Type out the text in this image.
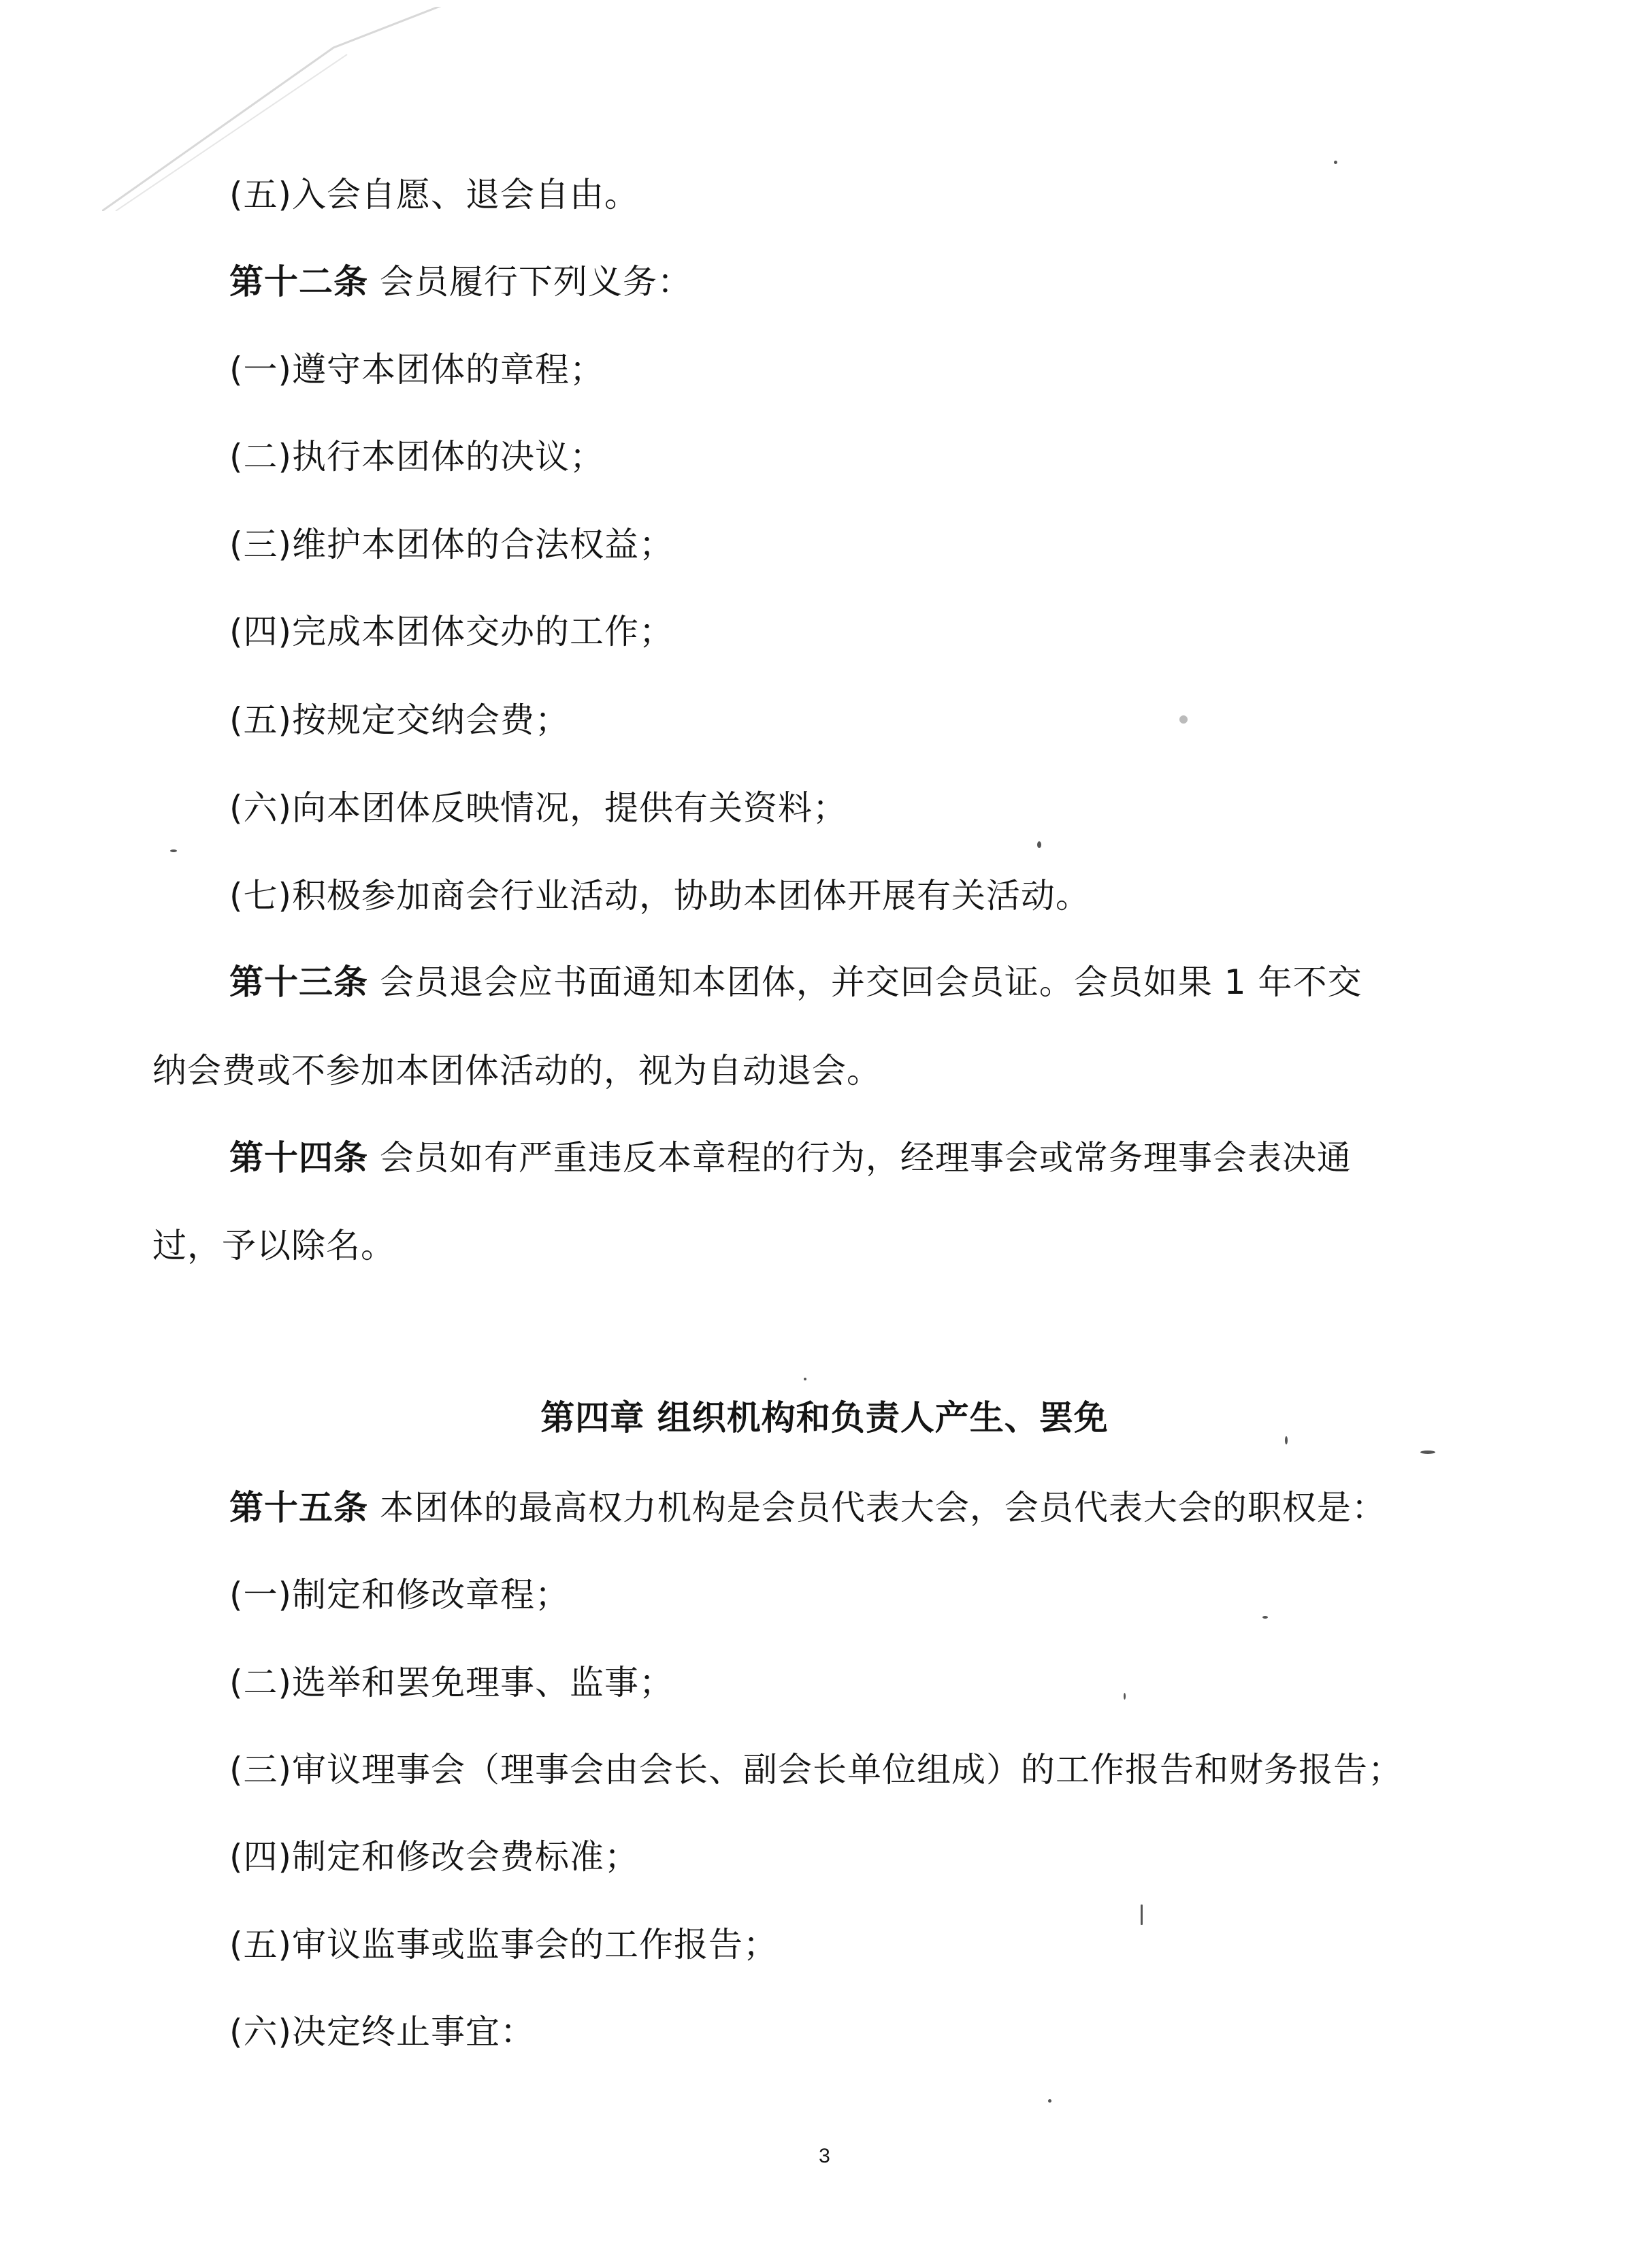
(五)入会自愿、退会自由。
第十二条 会员履行下列义务：
(一)遵守本团体的章程；
(二)执行本团体的决议；
(三)维护本团体的合法权益；
(四)完成本团体交办的工作；
(五)按规定交纳会费；
(六)向本团体反映情况，提供有关资料；
(七)积极参加商会行业活动，协助本团体开展有关活动。
第十三条 会员退会应书面通知本团体，并交回会员证。会员如果 1 年不交
纳会费或不参加本团体活动的，视为自动退会。
第十四条 会员如有严重违反本章程的行为，经理事会或常务理事会表决通
过，予以除名。
第四章 组织机构和负责人产生、罢免
第十五条 本团体的最高权力机构是会员代表大会，会员代表大会的职权是：
(一)制定和修改章程；
(二)选举和罢免理事、监事；
(三)审议理事会（理事会由会长、副会长单位组成）的工作报告和财务报告；
(四)制定和修改会费标准；
(五)审议监事或监事会的工作报告；
(六)决定终止事宜：
3
